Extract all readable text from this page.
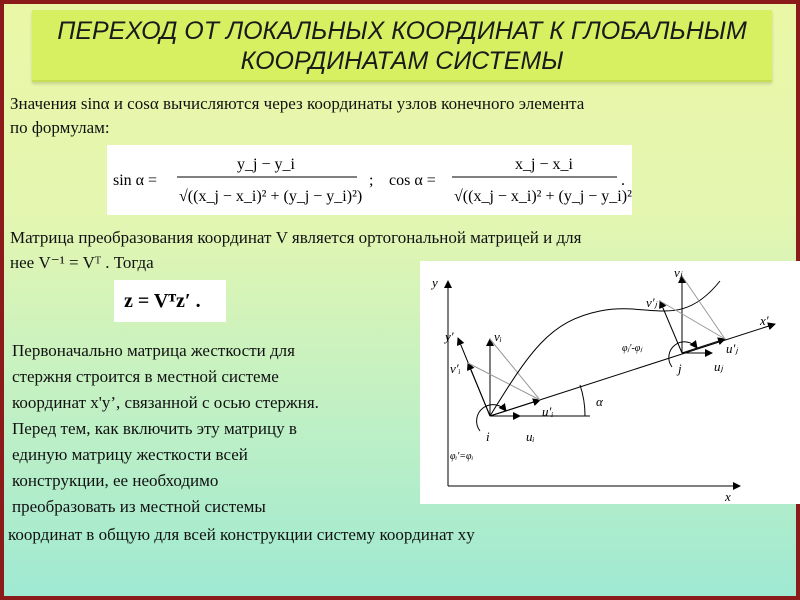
ПЕРЕХОД ОТ ЛОКАЛЬНЫХ КООРДИНАТ К ГЛОБАЛЬНЫМ
КООРДИНАТАМ СИСТЕМЫ
Значения sinα и cosα вычисляются через координаты узлов конечного элемента
по формулам:
sin α =
y_j − y_i
√((x_j − x_i)² + (y_j − y_i)²)
; cos α =
x_j − x_i
√((x_j − x_i)² + (y_j − y_i)²)
.
Матрица преобразования координат V является ортогональной матрицей и для
нее V⁻¹ = Vᵀ . Тогда
z = Vᵀz′ .
Первоначально матрица жесткости для
стержня строится в местной системе
координат x'y’, связанной с осью стержня.
Перед тем, как включить эту матрицу в
единую матрицу жесткости всей
конструкции, ее необходимо
преобразовать из местной системы
координат в общую для всей конструкции систему координат xy
y
x
y′
x′
vᵢ
v′ᵢ
uᵢ
u′ᵢ
i
j
vⱼ
v′ⱼ
uⱼ
u′ⱼ
α
φᵢ′=φᵢ
φⱼ′-φⱼ
